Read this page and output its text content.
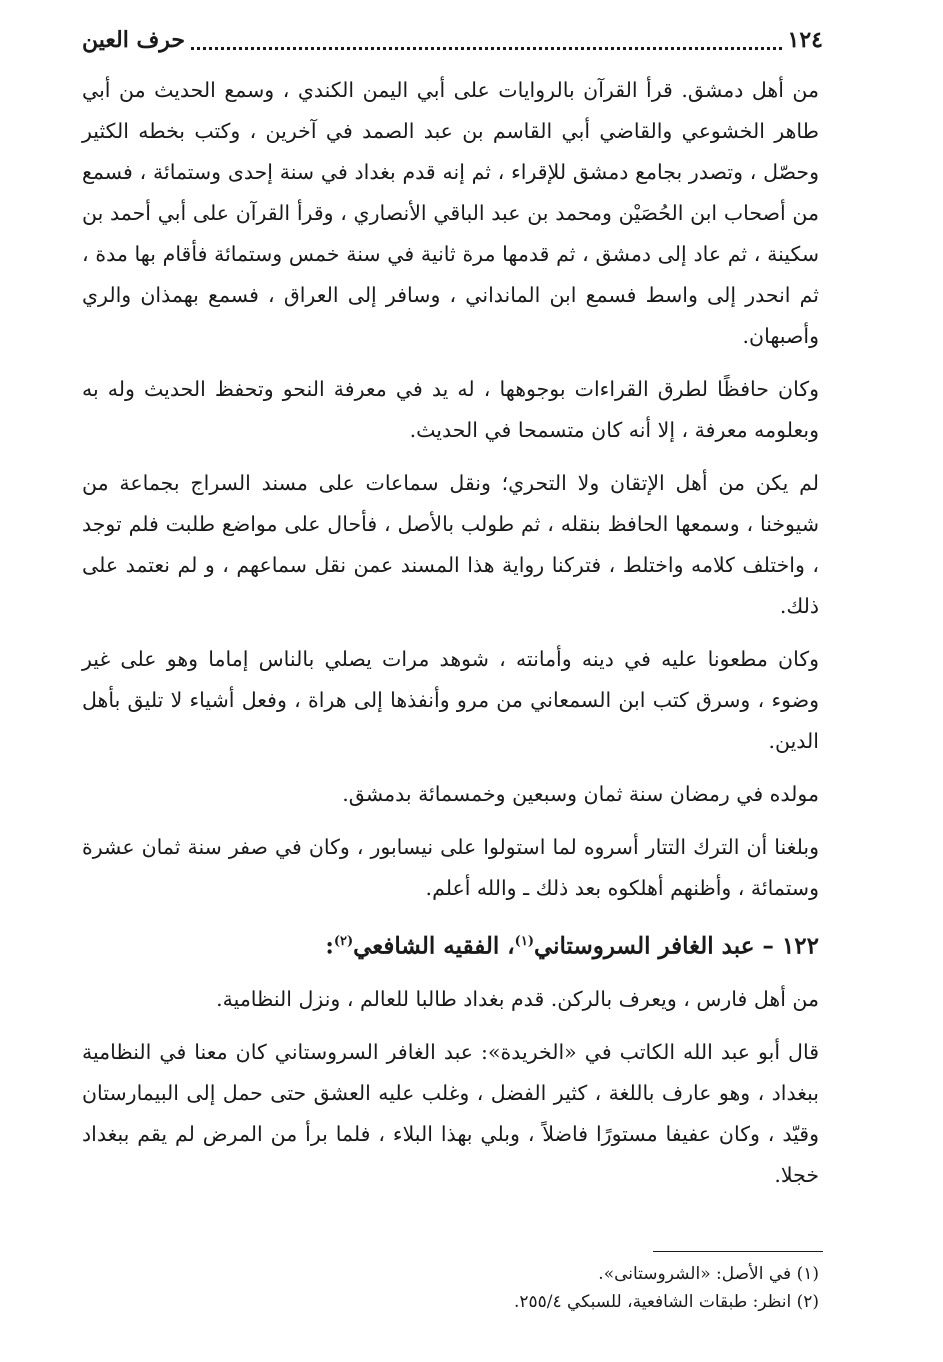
١٢٤
حرف العين

من أهل دمشق. قرأ القرآن بالروايات على أبي اليمن الكندي ، وسمع الحديث من أبي طاهر الخشوعي والقاضي أبي القاسم بن عبد الصمد في آخرين ، وكتب بخطه الكثير وحصّل ، وتصدر بجامع دمشق للإقراء ، ثم إنه قدم بغداد في سنة إحدى وستمائة ، فسمع من أصحاب ابن الحُصَيْن ومحمد بن عبد الباقي الأنصاري ، وقرأ القرآن على أبي أحمد بن سكينة ، ثم عاد إلى دمشق ، ثم قدمها مرة ثانية في سنة خمس وستمائة فأقام بها مدة ، ثم انحدر إلى واسط فسمع ابن المانداني ، وسافر إلى العراق ، فسمع بهمذان والري وأصبهان.

وكان حافظًا لطرق القراءات بوجوهها ، له يد في معرفة النحو وتحفظ الحديث وله به وبعلومه معرفة ، إلا أنه كان متسمحا في الحديث.

لم يكن من أهل الإتقان ولا التحري؛ ونقل سماعات على مسند السراج بجماعة من شيوخنا ، وسمعها الحافظ بنقله ، ثم طولب بالأصل ، فأحال على مواضع طلبت فلم توجد ، واختلف كلامه واختلط ، فتركنا رواية هذا المسند عمن نقل سماعهم ، و لم نعتمد على ذلك.

وكان مطعونا عليه في دينه وأمانته ، شوهد مرات يصلي بالناس إماما وهو على غير وضوء ، وسرق كتب ابن السمعاني من مرو وأنفذها إلى هراة ، وفعل أشياء لا تليق بأهل الدين.

مولده في رمضان سنة ثمان وسبعين وخمسمائة بدمشق.

وبلغنا أن الترك التتار أسروه لما استولوا على نيسابور ، وكان في صفر سنة ثمان عشرة وستمائة ، وأظنهم أهلكوه بعد ذلك ـ والله أعلم.

١٢٢ – عبد الغافر السروستاني$^{(١)}$، الفقيه الشافعي$^{(٢)}$:

من أهل فارس ، ويعرف بالركن. قدم بغداد طالبا للعالم ، ونزل النظامية.

قال أبو عبد الله الكاتب في «الخريدة»: عبد الغافر السروستاني كان معنا في النظامية ببغداد ، وهو عارف باللغة ، كثير الفضل ، وغلب عليه العشق حتى حمل إلى البيمارستان وقيّد ، وكان عفيفا مستورًا فاضلاً ، وبلي بهذا البلاء ، فلما برأ من المرض لم يقم ببغداد خجلا.

(١) في الأصل: «الشروستانى».
(٢) انظر: طبقات الشافعية، للسبكي ٢٥٥/٤.
